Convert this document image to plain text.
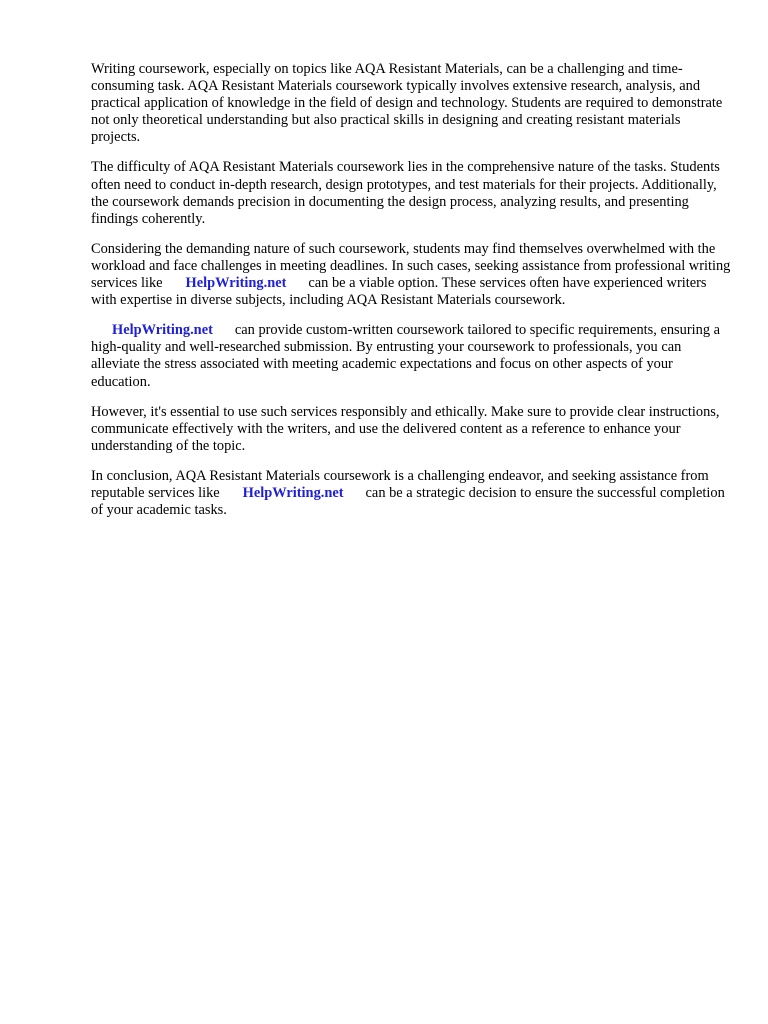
Writing coursework, especially on topics like AQA Resistant Materials, can be a challenging and time-consuming task. AQA Resistant Materials coursework typically involves extensive research, analysis, and practical application of knowledge in the field of design and technology. Students are required to demonstrate not only theoretical understanding but also practical skills in designing and creating resistant materials projects.

The difficulty of AQA Resistant Materials coursework lies in the comprehensive nature of the tasks. Students often need to conduct in-depth research, design prototypes, and test materials for their projects. Additionally, the coursework demands precision in documenting the design process, analyzing results, and presenting findings coherently.

Considering the demanding nature of such coursework, students may find themselves overwhelmed with the workload and face challenges in meeting deadlines. In such cases, seeking assistance from professional writing services like HelpWriting.net can be a viable option. These services often have experienced writers with expertise in diverse subjects, including AQA Resistant Materials coursework.

HelpWriting.net can provide custom-written coursework tailored to specific requirements, ensuring a high-quality and well-researched submission. By entrusting your coursework to professionals, you can alleviate the stress associated with meeting academic expectations and focus on other aspects of your education.

However, it's essential to use such services responsibly and ethically. Make sure to provide clear instructions, communicate effectively with the writers, and use the delivered content as a reference to enhance your understanding of the topic.

In conclusion, AQA Resistant Materials coursework is a challenging endeavor, and seeking assistance from reputable services like HelpWriting.net can be a strategic decision to ensure the successful completion of your academic tasks.
